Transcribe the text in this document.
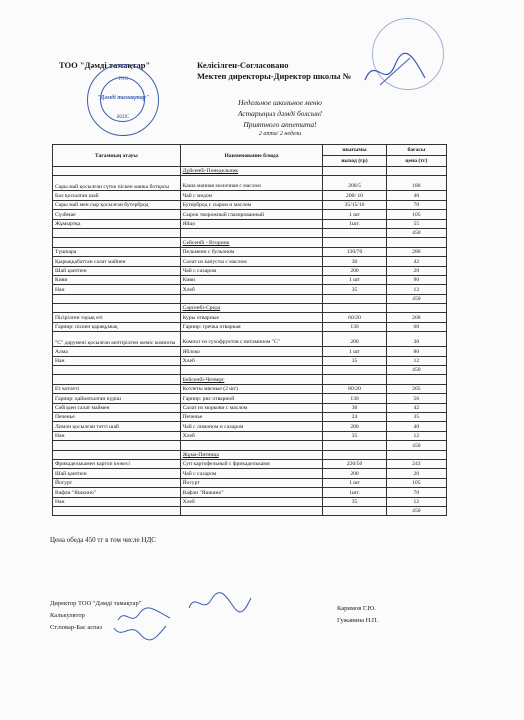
ТОО "Дәмді тамақтар"	Келісілген-Согласовано
Мектеп директоры-Директор школы №
ТОО
"Дәмді тамақтар"
ЖШС
Недельное школьное меню
Астарыңыз дәмді болсын!
Приятного аппетита!
2 апта/ 2 недели
Тағамның атауы	Наименование блюда	шығымы	бағасы
		выход (гр)	цена (тг)
	Дүйсенбі-Понедельник		
Сары май қосылған сүтке піскен манка ботқасы	Каша манная молочная с маслом	200/5	180
Бал қосылған шай	Чай с медом	200/ 10	40
Сары май мен сыр қосылған бутерброд	Бутерброд с сыром и маслом	35/15/10	70
Сүзбеше	Сырок творожный глазированный	1 шт	105
Жұмыртқа	Яйцо	1шт.	55
			450
	Сейсенбі - Вторник		
Түшпара	Пельмени с бульоном	130/70	286
Қырыққабаттан салат майнен	Салат из капусты с маслом	30	42
Шай қантпен	Чай с сахаром	200	20
Киви	Киви	1 шт	90
Нан	Хлеб	35	12
			450
	Сәрсенбі-Среда		
Пісірілген тауық еті	Куры отварные	60/20	268
Гарнир: піскен қарақұмық	Гарнир: гречка отварная	130	60
"С" дәруменi қосылған кептірілген жеміс компоты	Компот из сухофруктов с витамином "С"	200	30
Алма	Яблоко	1 шт	80
Нан	Хлеб	35	12
			450
	Бейсенбі-Четверг		
Ет котлеті	Котлеты мясные (2 шт)	80/20	265
Гарнир: қайнатылған күріш	Гарнир: рис отварной	130	56
Сәбізден салат маймен	Салат из моркови с маслом	30	42
Печенье	Печенье	24	35
Лимон қосылған тәтті шай	Чай с лимоном и сахаром	200	40
Нан	Хлеб	35	12
			450
	Жұма-Пятница		
Фрикаделькамен картоп көжесі	Суп картофельный с фрикадельками	220/50	243
Шай қантпен	Чай с сахаром	200	20
Йогурт	Йогурт	1 шт	105
Вафли "Яшкино"	Вафли "Яшкино"	1шт.	70
Нан	Хлеб	35	12
			450
Цена обеда 450 тг в том числе НДС
Директор ТОО "Дәмді тамақтар"
Калькулятор
Ст.повар-Бас аспаз
Каримов Г.Ю.
Гужавина Н.П.
